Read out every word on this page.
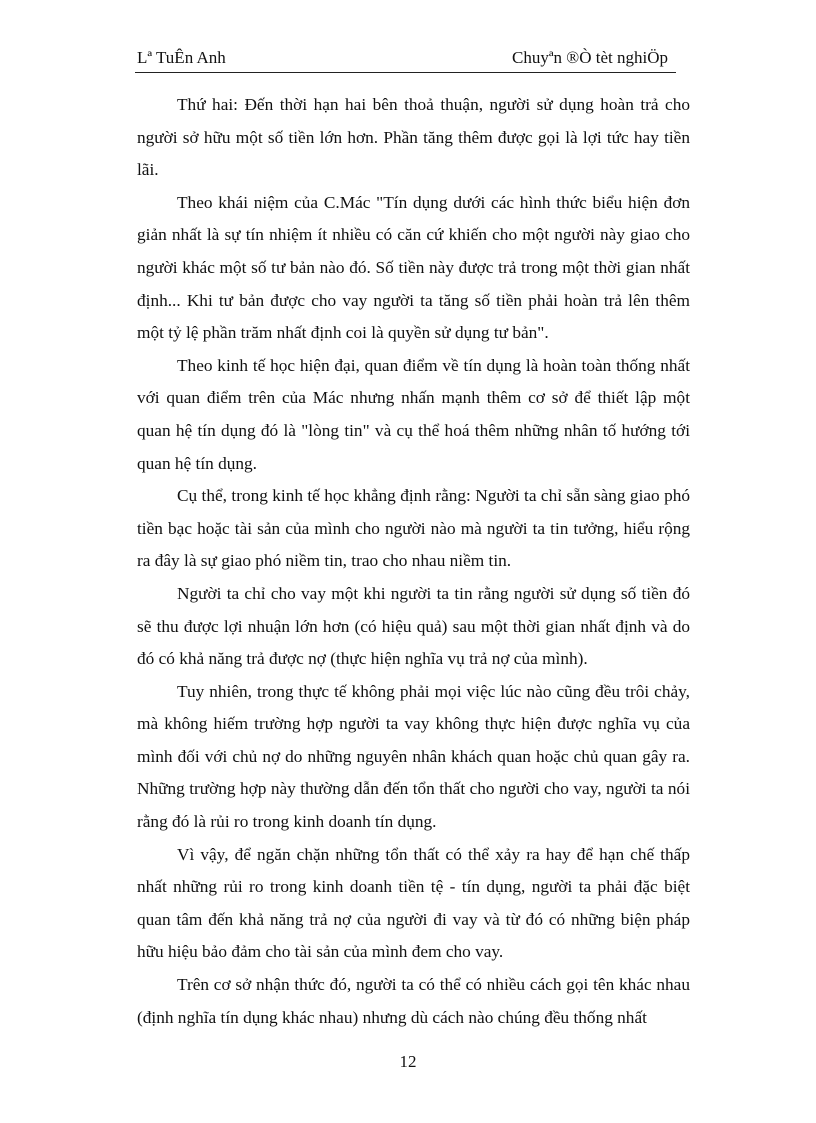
Lª TuÊn Anh	Chuyªn ®Ò tèt nghiÖp

Thứ hai: Đến thời hạn hai bên thoả thuận, người sử dụng hoàn trả cho người sở hữu một số tiền lớn hơn. Phần tăng thêm được gọi là lợi tức hay tiền lãi.

Theo khái niệm của C.Mác "Tín dụng dưới các hình thức biểu hiện đơn giản nhất là sự tín nhiệm ít nhiều có căn cứ khiến cho một người này giao cho người khác một số tư bản nào đó. Số tiền này được trả trong một thời gian nhất định... Khi tư bản được cho vay người ta tăng số tiền phải hoàn trả lên thêm một tỷ lệ phần trăm nhất định coi là quyền sử dụng tư bản".

Theo kinh tế học hiện đại, quan điểm về tín dụng là hoàn toàn thống nhất với quan điểm trên của Mác nhưng nhấn mạnh thêm cơ sở để thiết lập một quan hệ tín dụng đó là "lòng tin" và cụ thể hoá thêm những nhân tố hướng tới quan hệ tín dụng.

Cụ thể, trong kinh tế học khẳng định rằng: Người ta chỉ sẵn sàng giao phó tiền bạc hoặc tài sản của mình cho người nào mà người ta tin tưởng, hiểu rộng ra đây là sự giao phó niềm tin, trao cho nhau niềm tin.

Người ta chỉ cho vay một khi người ta tin rằng người sử dụng số tiền đó sẽ thu được lợi nhuận lớn hơn (có hiệu quả) sau một thời gian nhất định và do đó có khả năng trả được nợ (thực hiện nghĩa vụ trả nợ của mình).

Tuy nhiên, trong thực tế không phải mọi việc lúc nào cũng đều trôi chảy, mà không hiếm trường hợp người ta vay không thực hiện được nghĩa vụ của mình đối với chủ nợ do những nguyên nhân khách quan hoặc chủ quan gây ra. Những trường hợp này thường dẫn đến tổn thất cho người cho vay, người ta nói rằng đó là rủi ro trong kinh doanh tín dụng.

Vì vậy, để ngăn chặn những tổn thất có thể xảy ra hay để hạn chế thấp nhất những rủi ro trong kinh doanh tiền tệ - tín dụng, người ta phải đặc biệt quan tâm đến khả năng trả nợ của người đi vay và từ đó có những biện pháp hữu hiệu bảo đảm cho tài sản của mình đem cho vay.

Trên cơ sở nhận thức đó, người ta có thể có nhiều cách gọi tên khác nhau (định nghĩa tín dụng khác nhau) nhưng dù cách nào chúng đều thống nhất

12
